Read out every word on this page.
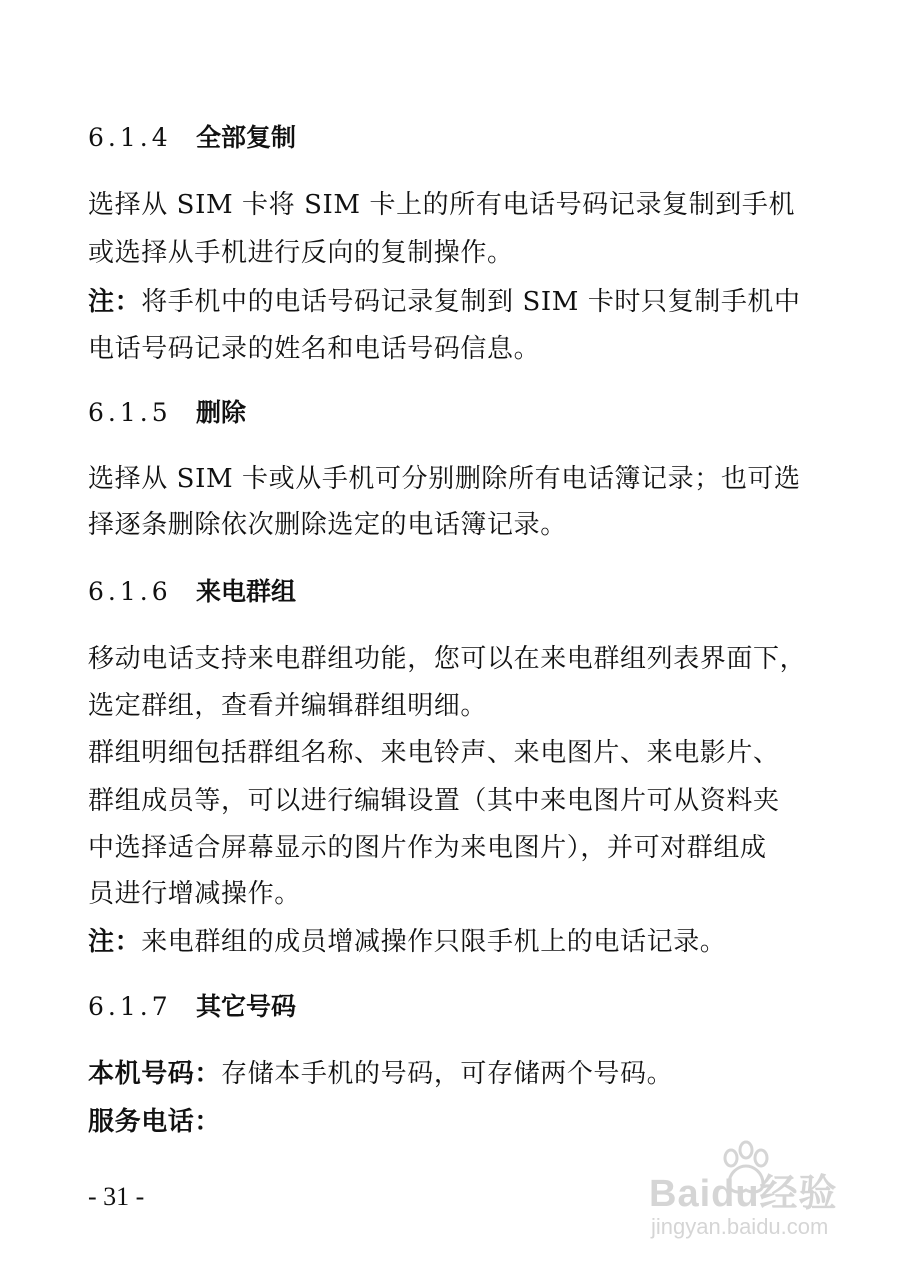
6.1.4 全部复制
选择从 SIM 卡将 SIM 卡上的所有电话号码记录复制到手机
或选择从手机进行反向的复制操作。
注：将手机中的电话号码记录复制到 SIM 卡时只复制手机中
电话号码记录的姓名和电话号码信息。
6.1.5 删除
选择从 SIM 卡或从手机可分别删除所有电话簿记录；也可选
择逐条删除依次删除选定的电话簿记录。
6.1.6 来电群组
移动电话支持来电群组功能，您可以在来电群组列表界面下，
选定群组，查看并编辑群组明细。
群组明细包括群组名称、来电铃声、来电图片、来电影片、
群组成员等，可以进行编辑设置（其中来电图片可从资料夹
中选择适合屏幕显示的图片作为来电图片），并可对群组成
员进行增减操作。
注：来电群组的成员增减操作只限手机上的电话记录。
6.1.7 其它号码
本机号码：存储本手机的号码，可存储两个号码。
服务电话：
- 31 -	Baidu经验
jingyan.baidu.com
